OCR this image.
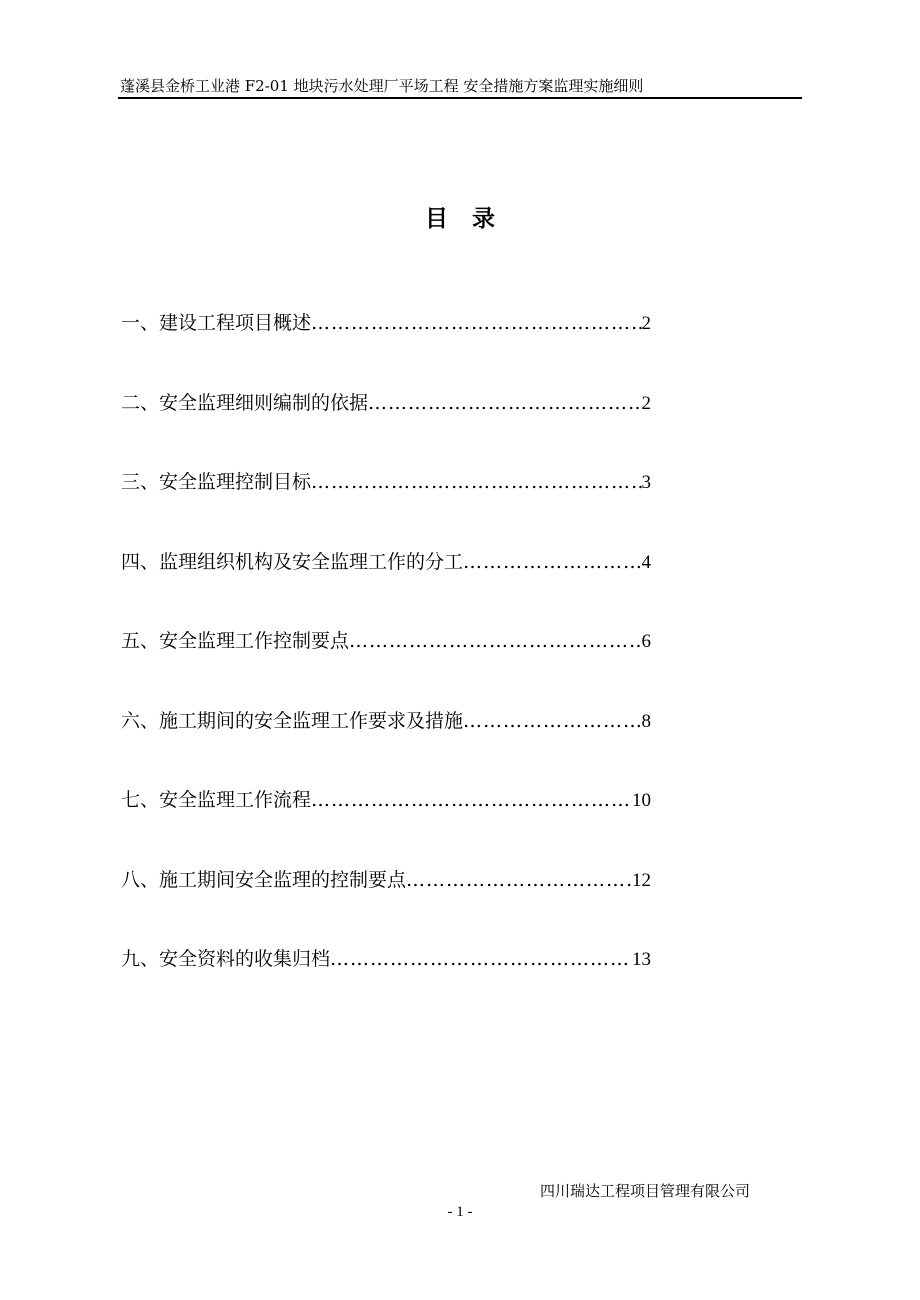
蓬溪县金桥工业港 F2-01 地块污水处理厂平场工程 安全措施方案监理实施细则
目录
一、建设工程项目概述 ………………………………………………………………………………………………	2
二、安全监理细则编制的依据 ………………………………………………………………………………………………	2
三、安全监理控制目标 ………………………………………………………………………………………………	3
四、监理组织机构及安全监理工作的分工 ………………………………………………………………………………………………	4
五、安全监理工作控制要点 ………………………………………………………………………………………………	6
六、施工期间的安全监理工作要求及措施 ………………………………………………………………………………………………	8
七、安全监理工作流程 ………………………………………………………………………………………………	10
八、施工期间安全监理的控制要点 ………………………………………………………………………………………………	12
九、安全资料的收集归档 ………………………………………………………………………………………………	13
四川瑞达工程项目管理有限公司
- 1 -
